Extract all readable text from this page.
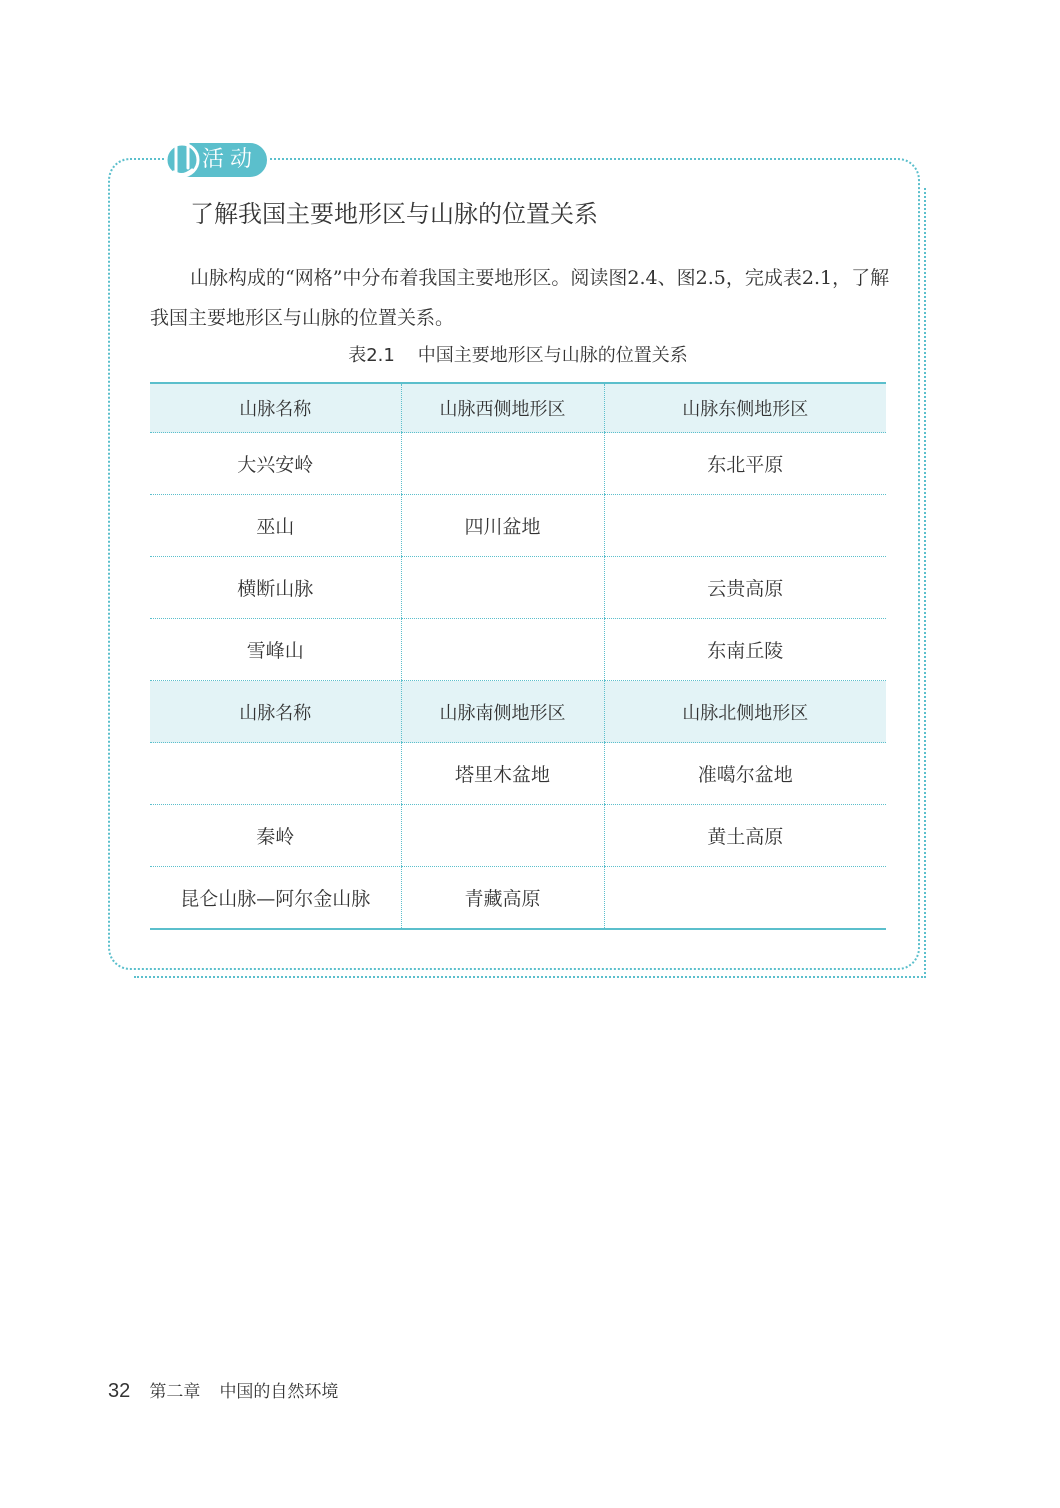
活动
了解我国主要地形区与山脉的位置关系

山脉构成的“网格”中分布着我国主要地形区。阅读图2.4、图2.5，完成表2.1，了解我国主要地形区与山脉的位置关系。

表2.1    中国主要地形区与山脉的位置关系
山脉名称	山脉西侧地形区	山脉东侧地形区
大兴安岭		东北平原
巫山	四川盆地	
横断山脉		云贵高原
雪峰山		东南丘陵
山脉名称	山脉南侧地形区	山脉北侧地形区
	塔里木盆地	准噶尔盆地
秦岭		黄土高原
昆仑山脉—阿尔金山脉	青藏高原	
32 第二章 中国的自然环境
